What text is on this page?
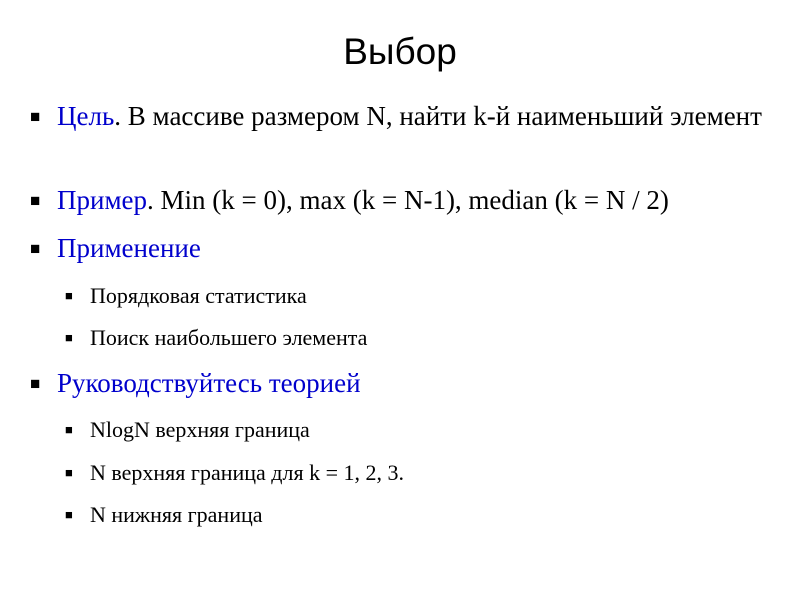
Выбор
■ Цель. В массиве размером N, найти k-й наименьший элемент
■ Пример. Min (k = 0), max (k = N-1), median (k = N / 2)
■ Применение
■ Порядковая статистика
■ Поиск наибольшего элемента
■ Руководствуйтесь теорией
■ NlogN верхняя граница
■ N верхняя граница для k = 1, 2, 3.
■ N нижняя граница
